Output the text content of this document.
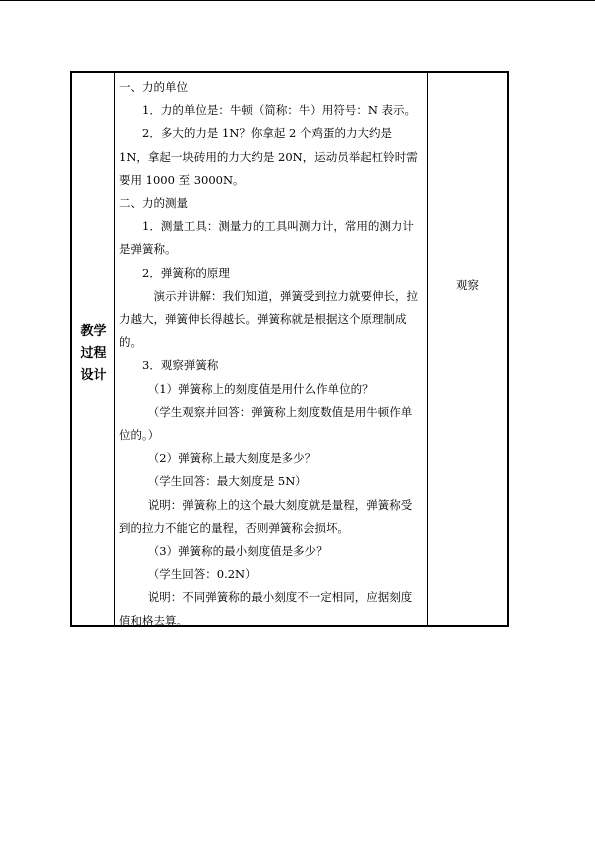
教学
过程
设计

一、力的单位

1．力的单位是：牛顿（简称：牛）用符号：N 表示。

2．多大的力是 1N？你拿起 2 个鸡蛋的力大约是 1N，拿起一块砖用的力大约是 20N，运动员举起杠铃时需要用 1000 至 3000N。

二、力的测量

1．测量工具：测量力的工具叫测力计，常用的测力计是弹簧称。

2．弹簧称的原理

演示并讲解：我们知道，弹簧受到拉力就要伸长，拉力越大，弹簧伸长得越长。弹簧称就是根据这个原理制成的。

3．观察弹簧称

（1）弹簧称上的刻度值是用什么作单位的？

（学生观察并回答：弹簧称上刻度数值是用牛顿作单位的。）

（2）弹簧称上最大刻度是多少？

（学生回答：最大刻度是 5N）

说明：弹簧称上的这个最大刻度就是量程，弹簧称受到的拉力不能它的量程，否则弹簧称会损坏。

（3）弹簧称的最小刻度值是多少？

（学生回答：0.2N）

说明：不同弹簧称的最小刻度不一定相同，应据刻度值和格去算。

观察
